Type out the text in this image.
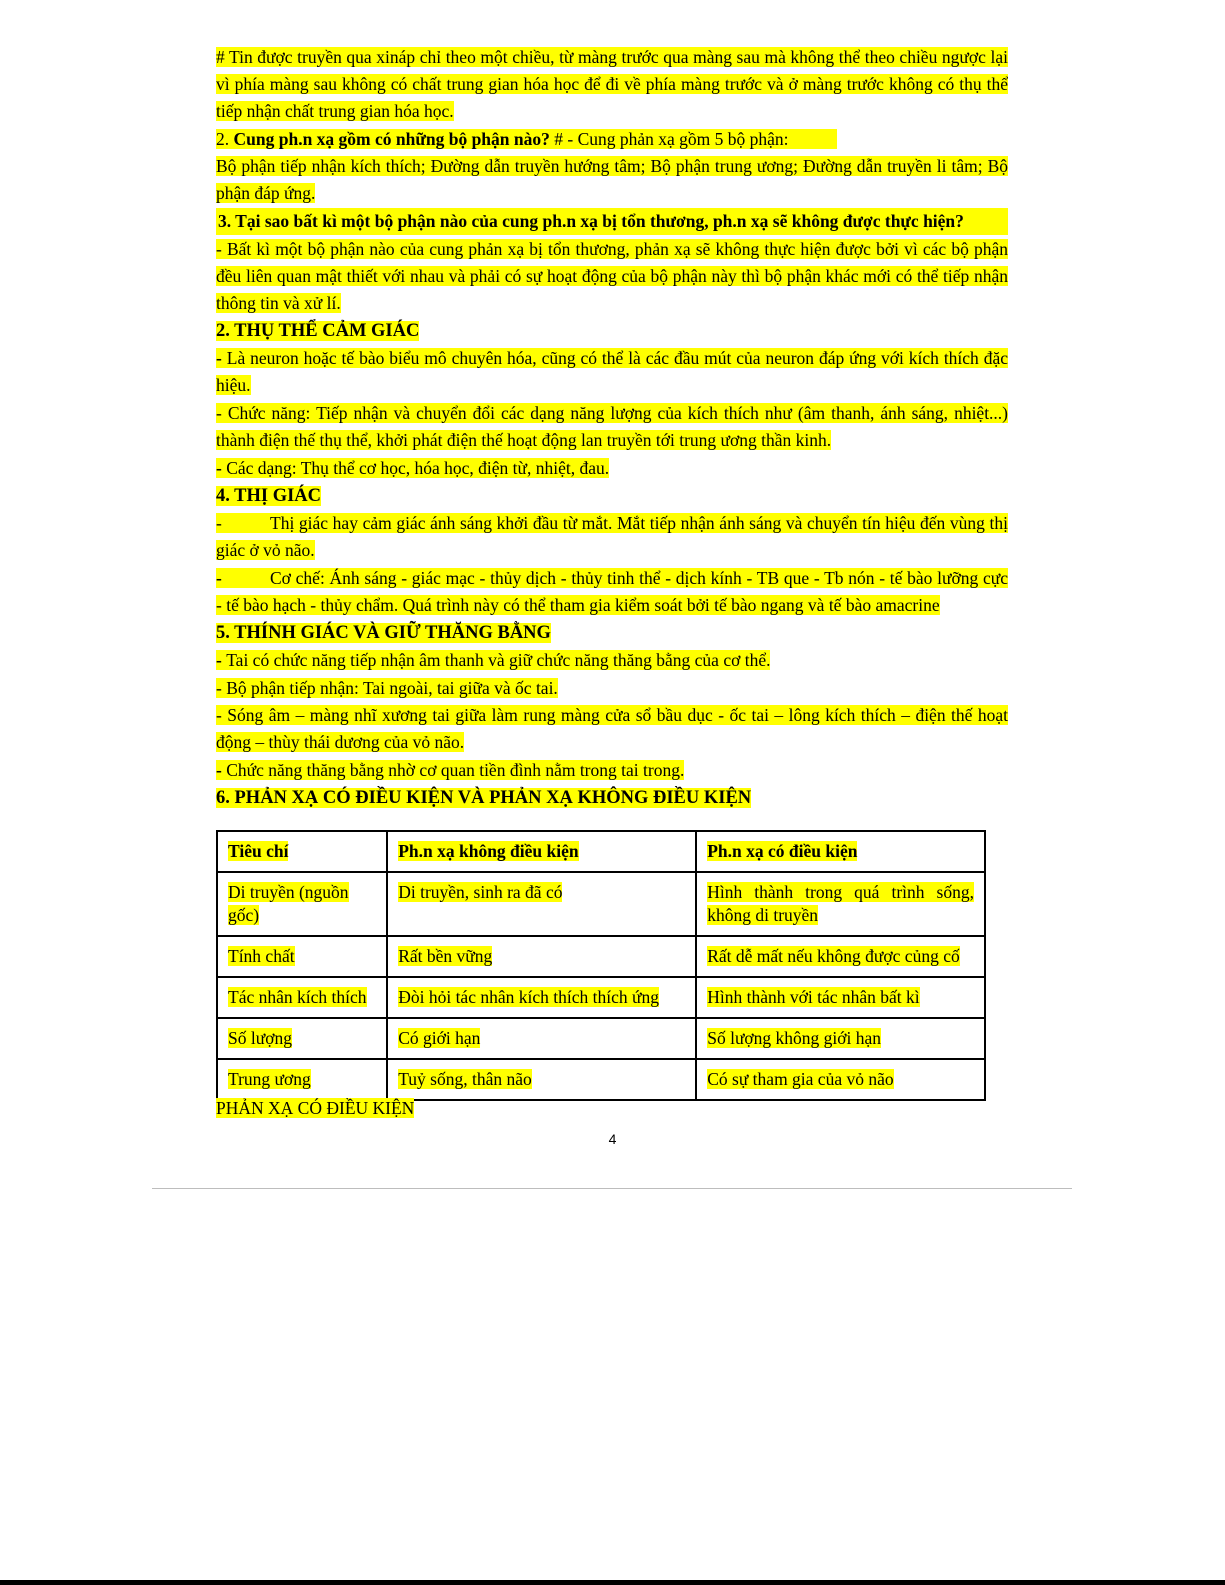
# Tin được truyền qua xináp chỉ theo một chiều, từ màng trước qua màng sau mà không thể theo chiều ngược lại vì phía màng sau không có chất trung gian hóa học để đi về phía màng trước và ở màng trước không có thụ thể tiếp nhận chất trung gian hóa học.

2. Cung ph.n xạ gồm có những bộ phận nào? # - Cung phản xạ gồm 5 bộ phận:

Bộ phận tiếp nhận kích thích; Đường dẫn truyền hướng tâm; Bộ phận trung ương; Đường dẫn truyền li tâm; Bộ phận đáp ứng.

3. Tại sao bất kì một bộ phận nào của cung ph.n xạ bị tổn thương, ph.n xạ sẽ không được thực hiện?

- Bất kì một bộ phận nào của cung phản xạ bị tổn thương, phản xạ sẽ không thực hiện được bởi vì các bộ phận đều liên quan mật thiết với nhau và phải có sự hoạt động của bộ phận này thì bộ phận khác mới có thể tiếp nhận thông tin và xử lí.

2. THỤ THỂ CẢM GIÁC

- Là neuron hoặc tế bào biểu mô chuyên hóa, cũng có thể là các đầu mút của neuron đáp ứng với kích thích đặc hiệu.

- Chức năng: Tiếp nhận và chuyển đổi các dạng năng lượng của kích thích như (âm thanh, ánh sáng, nhiệt...) thành điện thế thụ thể, khởi phát điện thế hoạt động lan truyền tới trung ương thần kinh.

- Các dạng: Thụ thể cơ học, hóa học, điện từ, nhiệt, đau.

4. THỊ GIÁC

-	Thị giác hay cảm giác ánh sáng khởi đầu từ mắt. Mắt tiếp nhận ánh sáng và chuyển tín hiệu đến vùng thị giác ở vỏ não.

-	Cơ chế: Ánh sáng - giác mạc - thủy dịch - thủy tinh thể - dịch kính - TB que - Tb nón - tế bào lưỡng cực - tế bào hạch - thủy chẩm. Quá trình này có thể tham gia kiểm soát bởi tế bào ngang và tế bào amacrine

5. THÍNH GIÁC VÀ GIỮ THĂNG BẰNG

- Tai có chức năng tiếp nhận âm thanh và giữ chức năng thăng bằng của cơ thể.

- Bộ phận tiếp nhận: Tai ngoài, tai giữa và ốc tai.

- Sóng âm – màng nhĩ xương tai giữa làm rung màng cửa sổ bầu dục - ốc tai – lông kích thích – điện thế hoạt động – thùy thái dương của vỏ não.

- Chức năng thăng bằng nhờ cơ quan tiền đình nằm trong tai trong.

6. PHẢN XẠ CÓ ĐIỀU KIỆN VÀ PHẢN XẠ KHÔNG ĐIỀU KIỆN

Tiêu chí	Ph.n xạ không điều kiện	Ph.n xạ có điều kiện
Di truyền (nguồn gốc)	Di truyền, sinh ra đã có	Hình thành trong quá trình sống, không di truyền
Tính chất	Rất bền vững	Rất dễ mất nếu không được củng cố
Tác nhân kích thích	Đòi hỏi tác nhân kích thích thích ứng	Hình thành với tác nhân bất kì
Số lượng	Có giới hạn	Số lượng không giới hạn
Trung ương	Tuỷ sống, thân não	Có sự tham gia của vỏ não
PHẢN XẠ CÓ ĐIỀU KIỆN
4
